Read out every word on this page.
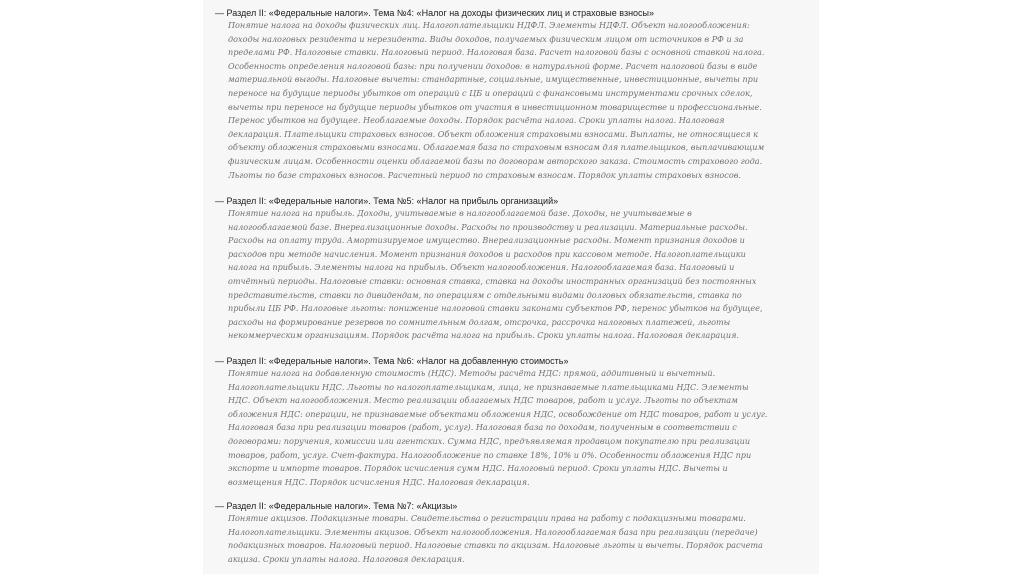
— Раздел II: «Федеральные налоги». Тема №4: «Налог на доходы физических лиц и страховые взносы»
Понятие налога на доходы физических лиц. Налогоплательщики НДФЛ. Элементы НДФЛ. Объект налогообложения:
доходы налоговых резидента и нерезидента. Виды доходов, получаемых физическим лицом от источников в РФ и за
пределами РФ. Налоговые ставки. Налоговый период. Налоговая база. Расчет налоговой базы с основной ставкой налога.
Особенность определения налоговой базы: при получении доходов: в натуральной форме. Расчет налоговой базы в виде
материальной выгоды. Налоговые вычеты: стандартные, социальные, имущественные, инвестиционные, вычеты при
переносе на будущие периоды убытков от операций с ЦБ и операций с финансовыми инструментами срочных сделок,
вычеты при переносе на будущие периоды убытков от участия в инвестиционном товариществе и профессиональные.
Перенос убытков на будущее. Необлагаемые доходы. Порядок расчёта налога. Сроки уплаты налога. Налоговая
декларация. Плательщики страховых взносов. Объект обложения страховыми взносами. Выплаты, не относящиеся к
объекту обложения страховыми взносами. Облагаемая база по страховым взносам для плательщиков, выплачивающим
физическим лицам. Особенности оценки облагаемой базы по договорам авторского заказа. Стоимость страхового года.
Льготы по базе страховых взносов. Расчетный период по страховым взносам. Порядок уплаты страховых взносов.
— Раздел II: «Федеральные налоги». Тема №5: «Налог на прибыль организаций»
Понятие налога на прибыль. Доходы, учитываемые в налогооблагаемой базе. Доходы, не учитываемые в
налогооблагаемой базе. Внереализационные доходы. Расходы по производству и реализации. Материальные расходы.
Расходы на оплату труда. Амортизируемое имущество. Внереализационные расходы. Момент признания доходов и
расходов при методе начисления. Момент признания доходов и расходов при кассовом методе. Налогоплательщики
налога на прибыль. Элементы налога на прибыль. Объект налогообложения. Налогооблагаемая база. Налоговый и
отчётный периоды. Налоговые ставки: основная ставка, ставка на доходы иностранных организаций без постоянных
представительств, ставки по дивидендам, по операциям с отдельными видами долговых обязательств, ставка по
прибыли ЦБ РФ. Налоговые льготы: понижение налоговой ставки законами субъектов РФ, перенос убытков на будущее,
расходы на формирование резервов по сомнительным долгам, отсрочка, рассрочка налоговых платежей, льготы
некоммерческим организациям. Порядок расчёта налога на прибыль. Сроки уплаты налога. Налоговая декларация.
— Раздел II: «Федеральные налоги». Тема №6: «Налог на добавленную стоимость»
Понятие налога на добавленную стоимость (НДС). Методы расчёта НДС: прямой, аддитивный и вычетный.
Налогоплательщики НДС. Льготы по налогоплательщикам, лица, не признаваемые плательщиками НДС. Элементы
НДС. Объект налогообложения. Место реализации облагаемых НДС товаров, работ и услуг. Льготы по объектам
обложения НДС: операции, не признаваемые объектами обложения НДС, освобождение от НДС товаров, работ и услуг.
Налоговая база при реализации товаров (работ, услуг). Налоговая база по доходам, полученным в соответствии с
договорами: поручения, комиссии или агентских. Сумма НДС, предъявляемая продавцом покупателю при реализации
товаров, работ, услуг. Счет-фактура. Налогообложение по ставке 18%, 10% и 0%. Особенности обложения НДС при
экспорте и импорте товаров. Порядок исчисления сумм НДС. Налоговый период. Сроки уплаты НДС. Вычеты и
возмещения НДС. Порядок исчисления НДС. Налоговая декларация.
— Раздел II: «Федеральные налоги». Тема №7: «Акцизы»
Понятие акцизов. Подакцизные товары. Свидетельства о регистрации права на работу с подакцизными товарами.
Налогоплательщики. Элементы акцизов. Объект налогообложения. Налогооблагаемая база при реализации (передаче)
подакцизных товаров. Налоговый период. Налоговые ставки по акцизам. Налоговые льготы и вычеты. Порядок расчета
акциза. Сроки уплаты налога. Налоговая декларация.
